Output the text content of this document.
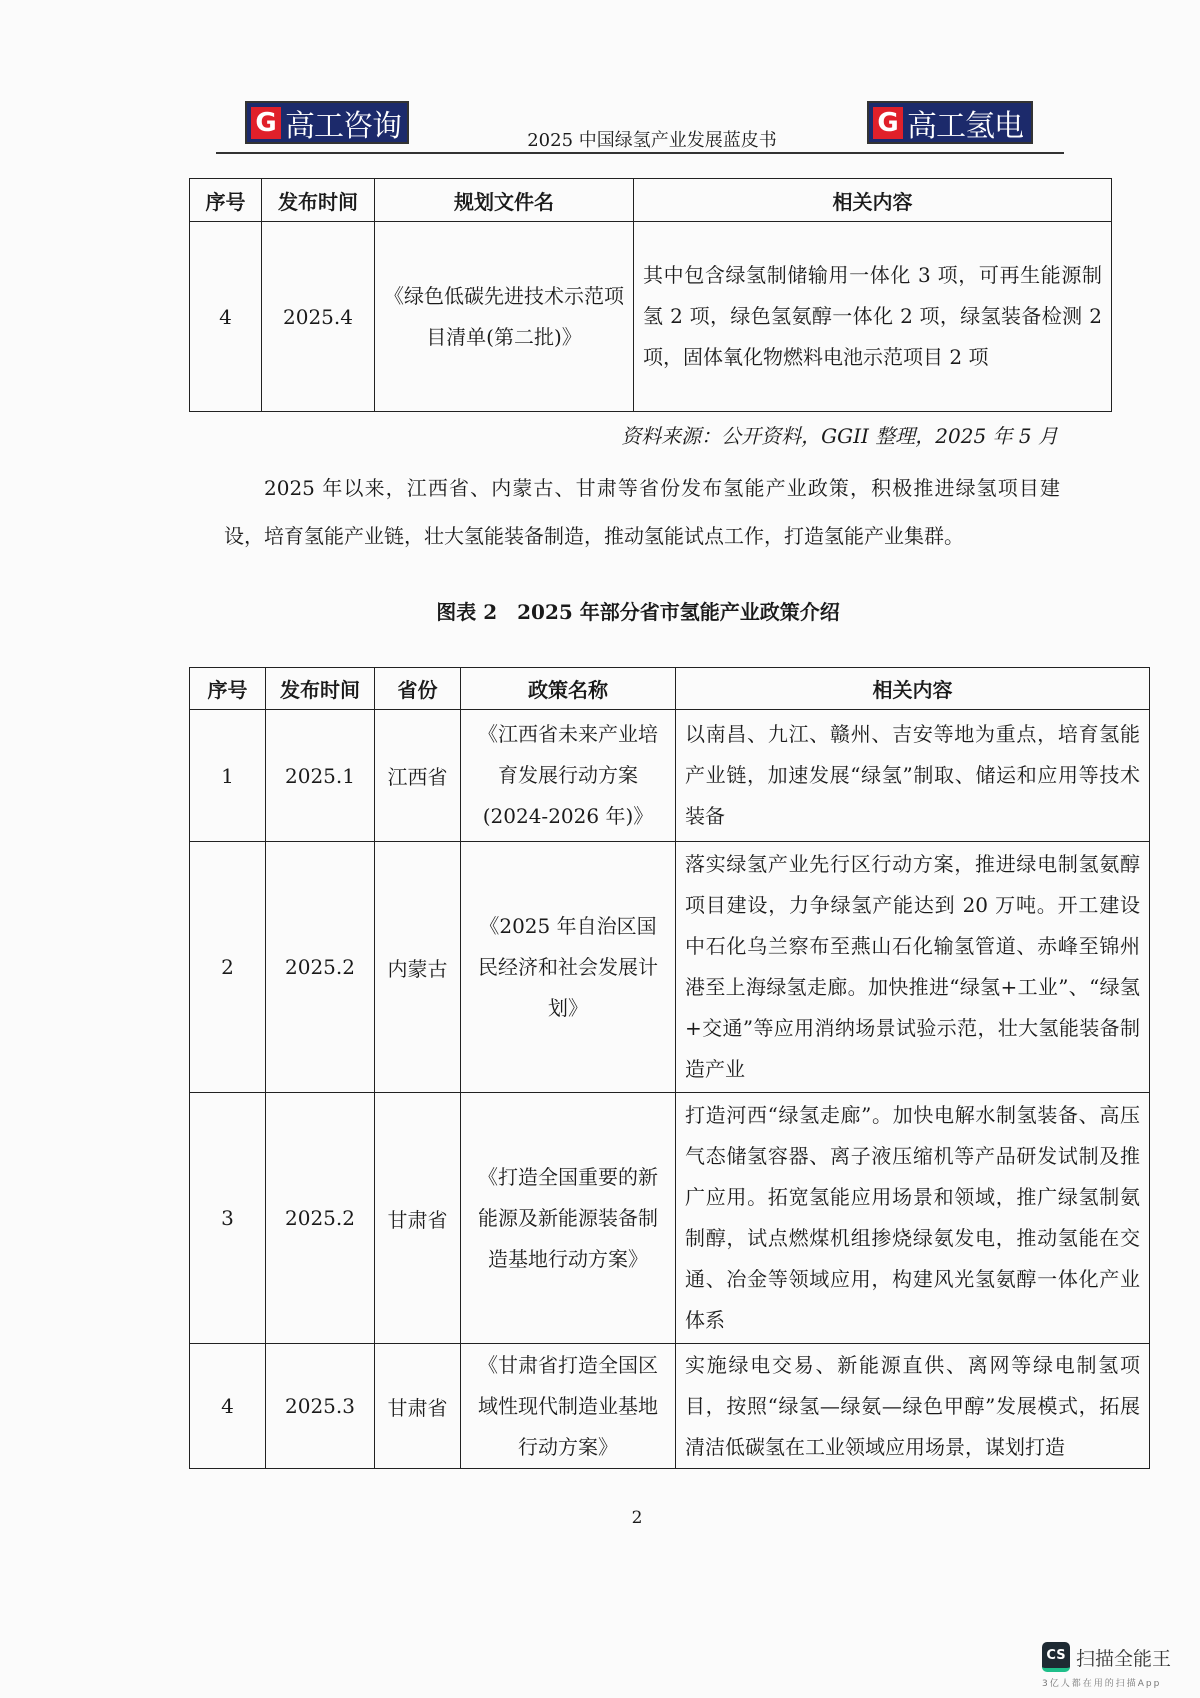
G 高工咨询	2025 中国绿氢产业发展蓝皮书
G 高工氢电
序号	发布时间	规划文件名	相关内容
4	2025.4	《绿色低碳先进技术示范项目清单(第二批)》	其中包含绿氢制储输用一体化 3 项，可再生能源制氢 2 项，绿色氢氨醇一体化 2 项，绿氢装备检测 2 项，固体氧化物燃料电池示范项目 2 项
资料来源：公开资料，GGII 整理，2025 年 5 月
2025 年以来，江西省、内蒙古、甘肃等省份发布氢能产业政策，积极推进绿氢项目建设，培育氢能产业链，壮大氢能装备制造，推动氢能试点工作，打造氢能产业集群。
图表 2　2025 年部分省市氢能产业政策介绍
序号	发布时间	省份	政策名称	相关内容
1	2025.1	江西省	《江西省未来产业培育发展行动方案(2024-2026 年)》	以南昌、九江、赣州、吉安等地为重点，培育氢能产业链，加速发展“绿氢”制取、储运和应用等技术装备
2	2025.2	内蒙古	《2025 年自治区国民经济和社会发展计划》	落实绿氢产业先行区行动方案，推进绿电制氢氨醇项目建设，力争绿氢产能达到 20 万吨。开工建设中石化乌兰察布至燕山石化输氢管道、赤峰至锦州港至上海绿氢走廊。加快推进“绿氢+工业”、“绿氢+交通”等应用消纳场景试验示范，壮大氢能装备制造产业
3	2025.2	甘肃省	《打造全国重要的新能源及新能源装备制造基地行动方案》	打造河西“绿氢走廊”。加快电解水制氢装备、高压气态储氢容器、离子液压缩机等产品研发试制及推广应用。拓宽氢能应用场景和领域，推广绿氢制氨制醇，试点燃煤机组掺烧绿氨发电，推动氢能在交通、冶金等领域应用，构建风光氢氨醇一体化产业体系
4	2025.3	甘肃省	《甘肃省打造全国区域性现代制造业基地行动方案》	实施绿电交易、新能源直供、离网等绿电制氢项目，按照“绿氢—绿氨—绿色甲醇”发展模式，拓展清洁低碳氢在工业领域应用场景，谋划打造
2
CS 扫描全能王
3亿人都在用的扫描App
